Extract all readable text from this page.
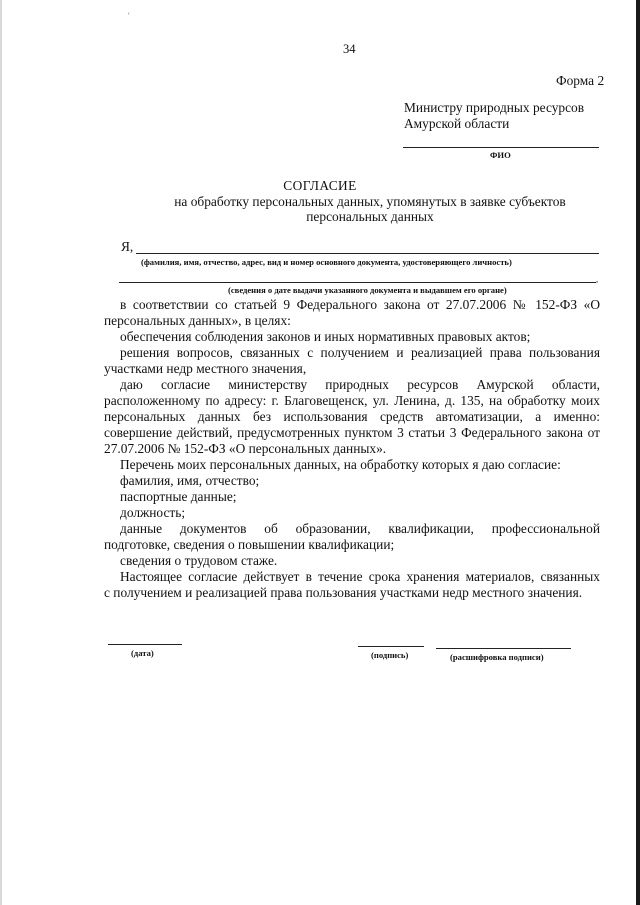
ʿ
34
Форма 2
Министру природных ресурсов
Амурской области
ФИО
СОГЛАСИЕ
на обработку персональных данных, упомянутых в заявке субъектов
персональных данных
Я,
(фамилия, имя, отчество, адрес, вид и номер основного документа, удостоверяющего личность)
,
(сведения о дате выдачи указанного документа и выдавшем его органе)
в соответствии со статьей 9 Федерального закона от 27.07.2006 № 152-ФЗ «О
персональных данных», в целях:
обеспечения соблюдения законов и иных нормативных правовых актов;
решения вопросов, связанных с получением и реализацией права пользования
участками недр местного значения,
даю согласие министерству природных ресурсов Амурской области,
расположенному по адресу: г. Благовещенск, ул. Ленина, д. 135, на обработку моих
персональных данных без использования средств автоматизации, а именно:
совершение действий, предусмотренных пунктом 3 статьи 3 Федерального закона от
27.07.2006 № 152-ФЗ «О персональных данных».
Перечень моих персональных данных, на обработку которых я даю согласие:
фамилия, имя, отчество;
паспортные данные;
должность;
данные документов об образовании, квалификации, профессиональной
подготовке, сведения о повышении квалификации;
сведения о трудовом стаже.
Настоящее согласие действует в течение срока хранения материалов, связанных
с получением и реализацией права пользования участками недр местного значения.
(дата)	(подпись)	(расшифровка подписи)
